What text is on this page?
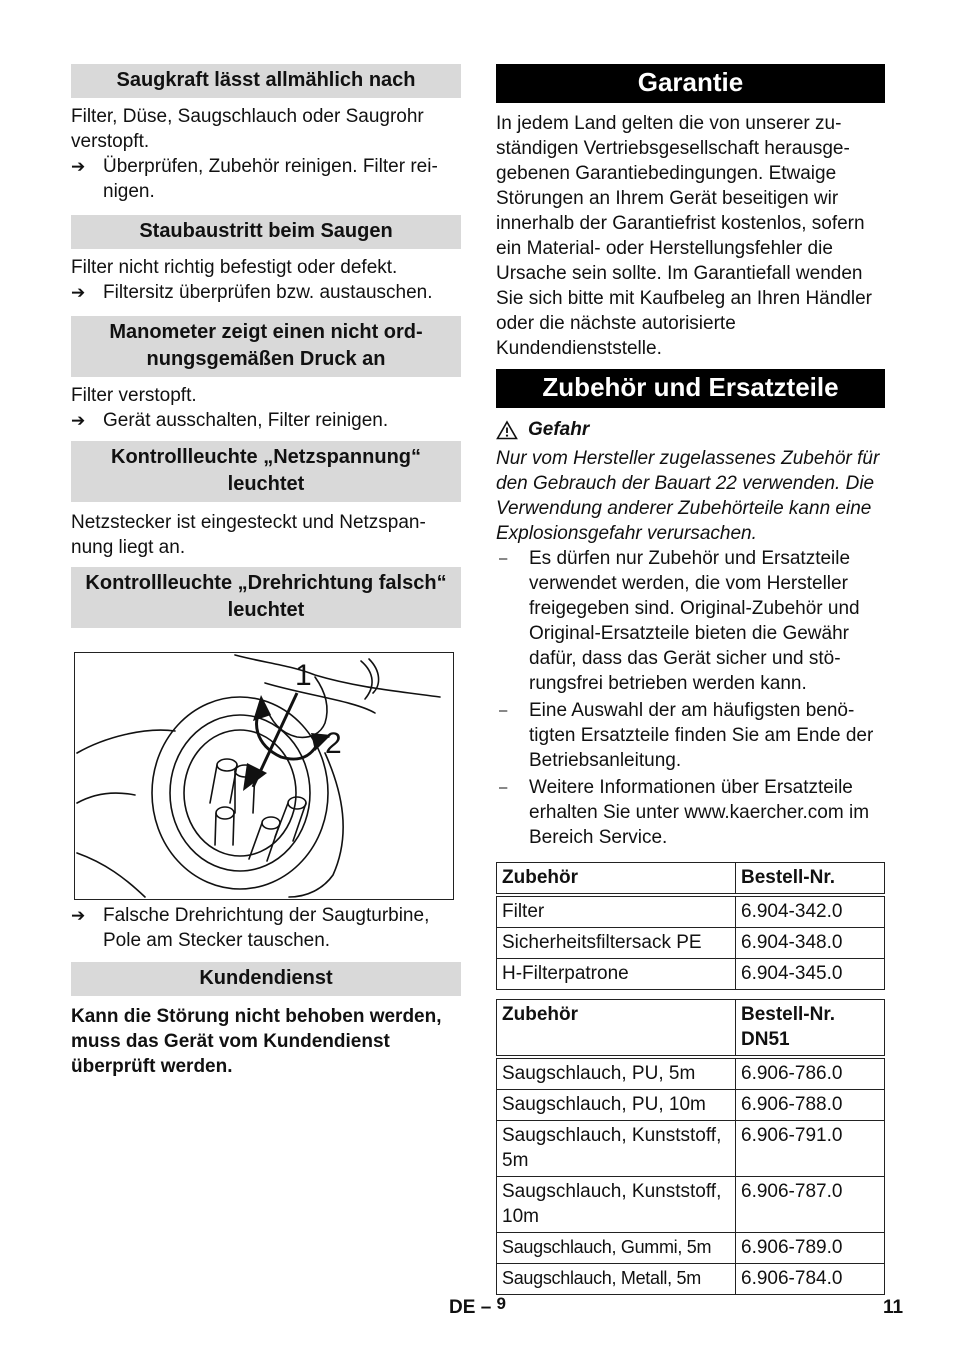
Saugkraft lässt allmählich nach

Filter, Düse, Saugschlauch oder Saugrohr verstopft.

➔ Überprüfen, Zubehör reinigen. Filter reinigen.
Staubaustritt beim Saugen

Filter nicht richtig befestigt oder defekt.

➔ Filtersitz überprüfen bzw. austauschen.
Manometer zeigt einen nicht ordnungsgemäßen Druck an

Filter verstopft.

➔ Gerät ausschalten, Filter reinigen.
Kontrollleuchte „Netzspannung“ leuchtet

Netzstecker ist eingesteckt und Netzspannung liegt an.

Kontrollleuchte „Drehrichtung falsch“ leuchtet
1
2
➔ Falsche Drehrichtung der Saugturbine, Pole am Stecker tauschen.
Kundendienst

Kann die Störung nicht behoben werden, muss das Gerät vom Kundendienst überprüft werden.

Garantie

In jedem Land gelten die von unserer zuständigen Vertriebsgesellschaft herausgegebenen Garantiebedingungen. Etwaige Störungen an Ihrem Gerät beseitigen wir innerhalb der Garantiefrist kostenlos, sofern ein Material- oder Herstellungsfehler die Ursache sein sollte. Im Garantiefall wenden Sie sich bitte mit Kaufbeleg an Ihren Händler oder die nächste autorisierte Kundendienststelle.

Zubehör und Ersatzteile
Gefahr

Nur vom Hersteller zugelassenes Zubehör für den Gebrauch der Bauart 22 verwenden. Die Verwendung anderer Zubehörteile kann eine Explosionsgefahr verursachen.

–	Es dürfen nur Zubehör und Ersatzteile verwendet werden, die vom Hersteller freigegeben sind. Original-Zubehör und Original-Ersatzteile bieten die Gewähr dafür, dass das Gerät sicher und störungsfrei betrieben werden kann.
–	Eine Auswahl der am häufigsten benötigten Ersatzteile finden Sie am Ende der Betriebsanleitung.
–	Weitere Informationen über Ersatzteile erhalten Sie unter www.kaercher.com im Bereich Service.
Zubehör	Bestell-Nr.
Filter	6.904-342.0
Sicherheitsfiltersack PE	6.904-348.0
H-Filterpatrone	6.904-345.0
Zubehör	Bestell-Nr. DN51
Saugschlauch, PU, 5m	6.906-786.0
Saugschlauch, PU, 10m	6.906-788.0
Saugschlauch, Kunststoff, 5m	6.906-791.0
Saugschlauch, Kunststoff, 10m	6.906-787.0
Saugschlauch, Gummi, 5m	6.906-789.0
Saugschlauch, Metall, 5m	6.906-784.0
DE – 9	11
